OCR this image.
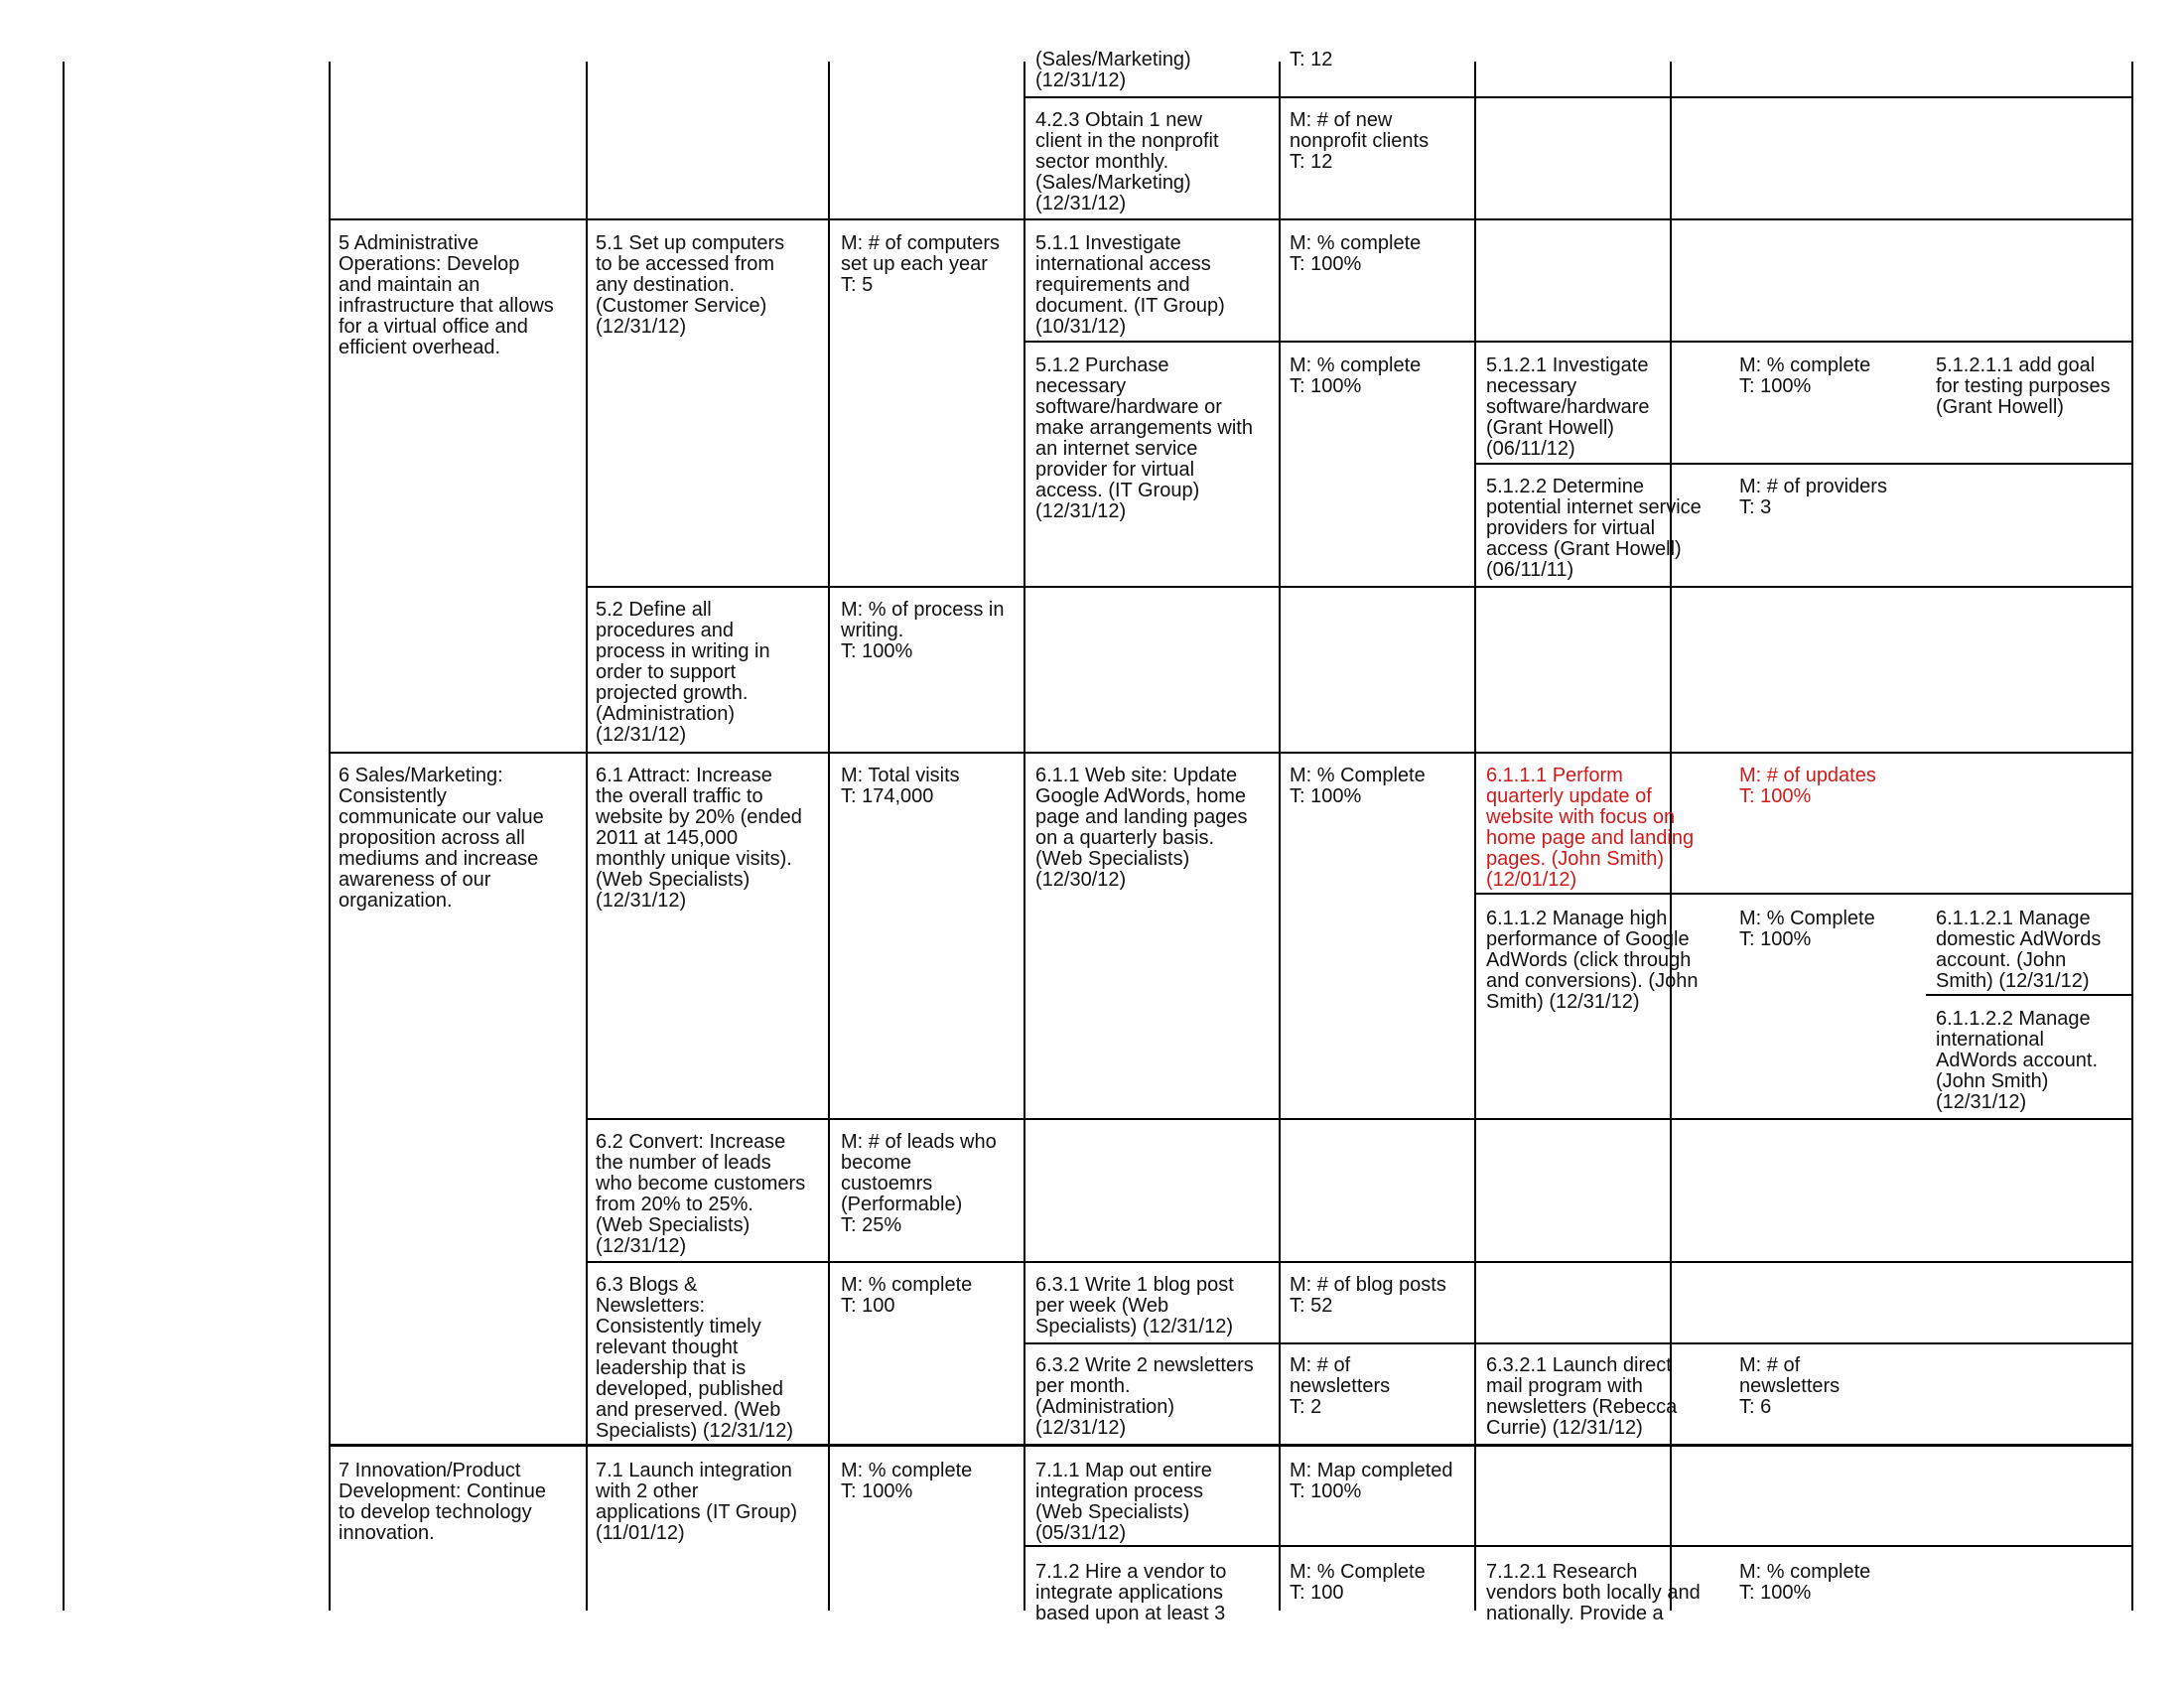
(Sales/Marketing)
(12/31/12)
T: 12
4.2.3 Obtain 1 new
client in the nonprofit
sector monthly.
(Sales/Marketing)
(12/31/12)
M: # of new
nonprofit clients
T: 12
5 Administrative
Operations: Develop
and maintain an
infrastructure that allows
for a virtual office and
efficient overhead.
5.1 Set up computers
to be accessed from
any destination.
(Customer Service)
(12/31/12)
M: # of computers
set up each year
T: 5
5.1.1 Investigate
international access
requirements and
document. (IT Group)
(10/31/12)
M: % complete
T: 100%
5.1.2 Purchase
necessary
software/hardware or
make arrangements with
an internet service
provider for virtual
access. (IT Group)
(12/31/12)
M: % complete
T: 100%
5.1.2.1 Investigate
necessary
software/hardware
(Grant Howell)
(06/11/12)
M: % complete
T: 100%
5.1.2.1.1 add goal
for testing purposes
(Grant Howell)
5.1.2.2 Determine
potential internet service
providers for virtual
access (Grant Howell)
(06/11/11)
M: # of providers
T: 3
5.2 Define all
procedures and
process in writing in
order to support
projected growth.
(Administration)
(12/31/12)
M: % of process in
writing.
T: 100%
6 Sales/Marketing:
Consistently
communicate our value
proposition across all
mediums and increase
awareness of our
organization.
6.1 Attract: Increase
the overall traffic to
website by 20% (ended
2011 at 145,000
monthly unique visits).
(Web Specialists)
(12/31/12)
M: Total visits
T: 174,000
6.1.1 Web site: Update
Google AdWords, home
page and landing pages
on a quarterly basis.
(Web Specialists)
(12/30/12)
M: % Complete
T: 100%
6.1.1.1 Perform
quarterly update of
website with focus on
home page and landing
pages. (John Smith)
(12/01/12)
M: # of updates
T: 100%
6.1.1.2 Manage high
performance of Google
AdWords (click through
and conversions). (John
Smith) (12/31/12)
M: % Complete
T: 100%
6.1.1.2.1 Manage
domestic AdWords
account. (John
Smith) (12/31/12)
6.1.1.2.2 Manage
international
AdWords account.
(John Smith)
(12/31/12)
6.2 Convert: Increase
the number of leads
who become customers
from 20% to 25%.
(Web Specialists)
(12/31/12)
M: # of leads who
become
custoemrs
(Performable)
T: 25%
6.3 Blogs &
Newsletters:
Consistently timely
relevant thought
leadership that is
developed, published
and preserved. (Web
Specialists) (12/31/12)
M: % complete
T: 100
6.3.1 Write 1 blog post
per week (Web
Specialists) (12/31/12)
M: # of blog posts
T: 52
6.3.2 Write 2 newsletters
per month.
(Administration)
(12/31/12)
M: # of
newsletters
T: 2
6.3.2.1 Launch direct
mail program with
newsletters (Rebecca
Currie) (12/31/12)
M: # of
newsletters
T: 6
7 Innovation/Product
Development: Continue
to develop technology
innovation.
7.1 Launch integration
with 2 other
applications (IT Group)
(11/01/12)
M: % complete
T: 100%
7.1.1 Map out entire
integration process
(Web Specialists)
(05/31/12)
M: Map completed
T: 100%
7.1.2 Hire a vendor to
integrate applications
based upon at least 3
M: % Complete
T: 100
7.1.2.1 Research
vendors both locally and
nationally. Provide a
M: % complete
T: 100%
